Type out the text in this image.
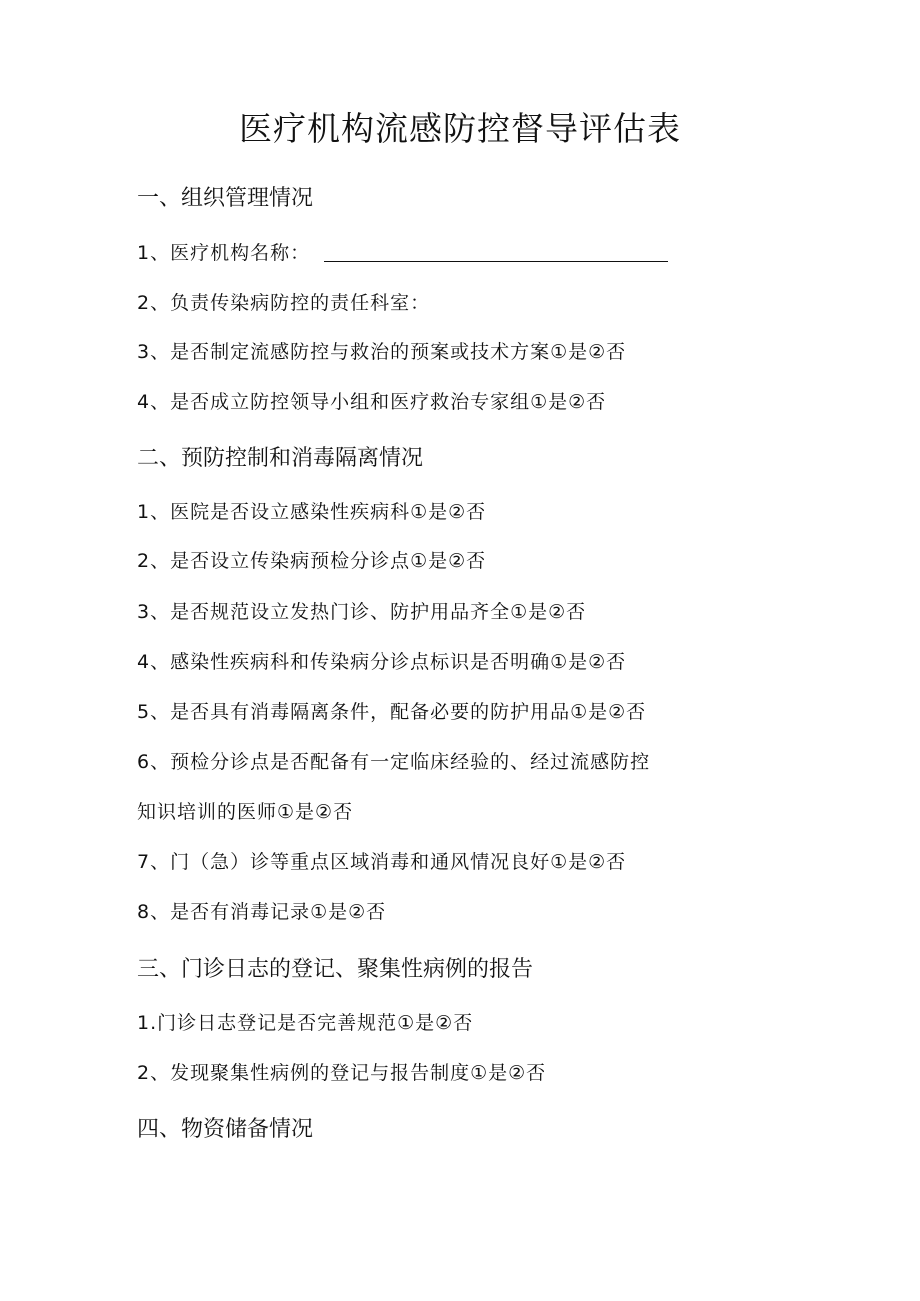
医疗机构流感防控督导评估表
一、组织管理情况
1、医疗机构名称：
2、负责传染病防控的责任科室：
3、是否制定流感防控与救治的预案或技术方案①是②否
4、是否成立防控领导小组和医疗救治专家组①是②否
二、预防控制和消毒隔离情况
1、医院是否设立感染性疾病科①是②否
2、是否设立传染病预检分诊点①是②否
3、是否规范设立发热门诊、防护用品齐全①是②否
4、感染性疾病科和传染病分诊点标识是否明确①是②否
5、是否具有消毒隔离条件，配备必要的防护用品①是②否
6、预检分诊点是否配备有一定临床经验的、经过流感防控
知识培训的医师①是②否
7、门（急）诊等重点区域消毒和通风情况良好①是②否
8、是否有消毒记录①是②否
三、门诊日志的登记、聚集性病例的报告
1.门诊日志登记是否完善规范①是②否
2、发现聚集性病例的登记与报告制度①是②否
四、物资储备情况
